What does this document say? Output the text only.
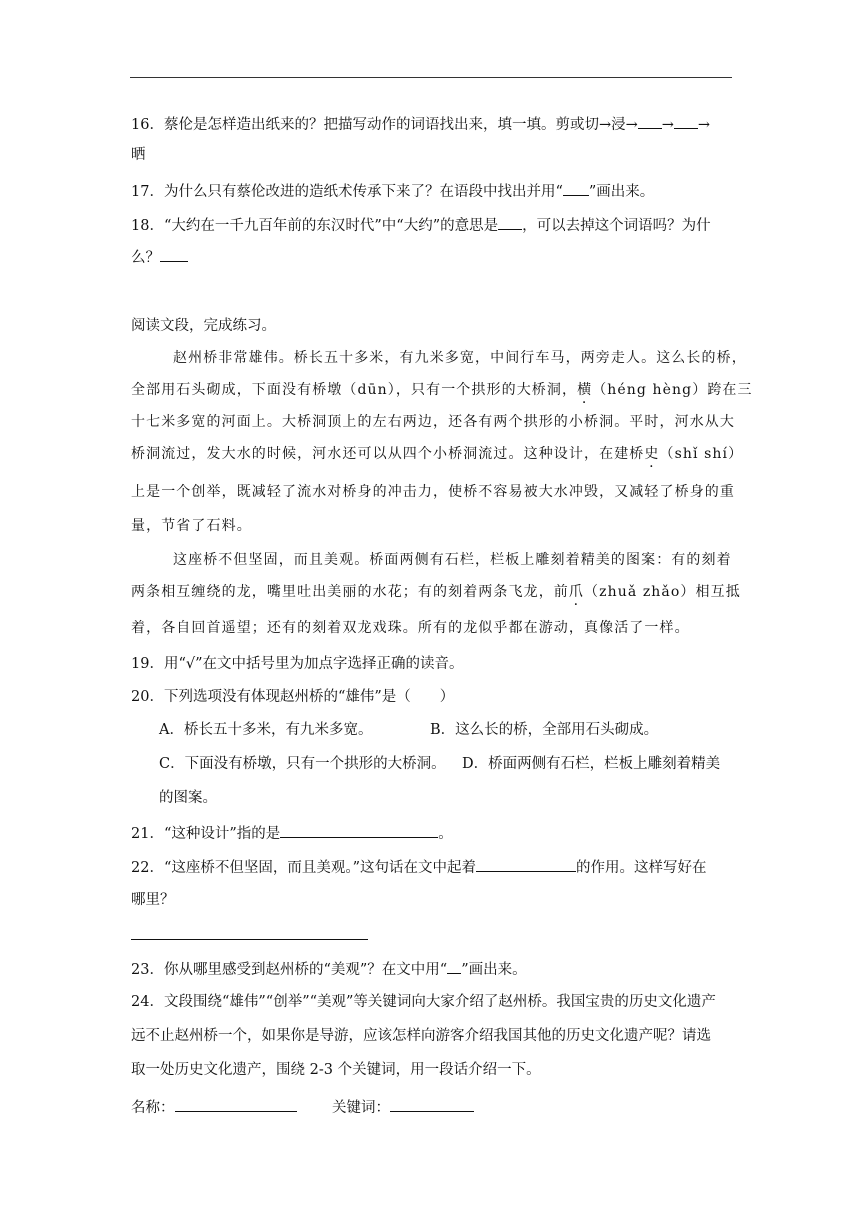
16．蔡伦是怎样造出纸来的？把描写动作的词语找出来，填一填。剪或切→浸→ → →
晒
17．为什么只有蔡伦改进的造纸术传承下来了？在语段中找出并用“ ”画出来。
18．“大约在一千九百年前的东汉时代”中“大约”的意思是 ，可以去掉这个词语吗？为什
么？
阅读文段，完成练习。
赵州桥非常雄伟。桥长五十多米，有九米多宽，中间行车马，两旁走人。这么长的桥，
全部用石头砌成，下面没有桥墩（dūn），只有一个拱形的大桥洞，横（héng hèng）跨在三
十七米多宽的河面上。大桥洞顶上的左右两边，还各有两个拱形的小桥洞。平时，河水从大
桥洞流过，发大水的时候，河水还可以从四个小桥洞流过。这种设计，在建桥史（shǐ shí）
上是一个创举，既减轻了流水对桥身的冲击力，使桥不容易被大水冲毁，又减轻了桥身的重
量，节省了石料。
这座桥不但坚固，而且美观。桥面两侧有石栏，栏板上雕刻着精美的图案：有的刻着
两条相互缠绕的龙，嘴里吐出美丽的水花；有的刻着两条飞龙，前爪（zhuǎ zhǎo）相互抵
着，各自回首遥望；还有的刻着双龙戏珠。所有的龙似乎都在游动，真像活了一样。
19．用“√”在文中括号里为加点字选择正确的读音。
20．下列选项没有体现赵州桥的“雄伟”是（　　）
A．桥长五十多米，有九米多宽。	B．这么长的桥，全部用石头砌成。
C．下面没有桥墩，只有一个拱形的大桥洞。 D．桥面两侧有石栏，栏板上雕刻着精美
的图案。
21．“这种设计”指的是	。
22．“这座桥不但坚固，而且美观。”这句话在文中起着	的作用。这样写好在
哪里？
23．你从哪里感受到赵州桥的“美观”？在文中用“ ”画出来。
24．文段围绕“雄伟”“创举”“美观”等关键词向大家介绍了赵州桥。我国宝贵的历史文化遗产
远不止赵州桥一个，如果你是导游，应该怎样向游客介绍我国其他的历史文化遗产呢？请选
取一处历史文化遗产，围绕 2-3 个关键词，用一段话介绍一下。
名称：	关键词：
